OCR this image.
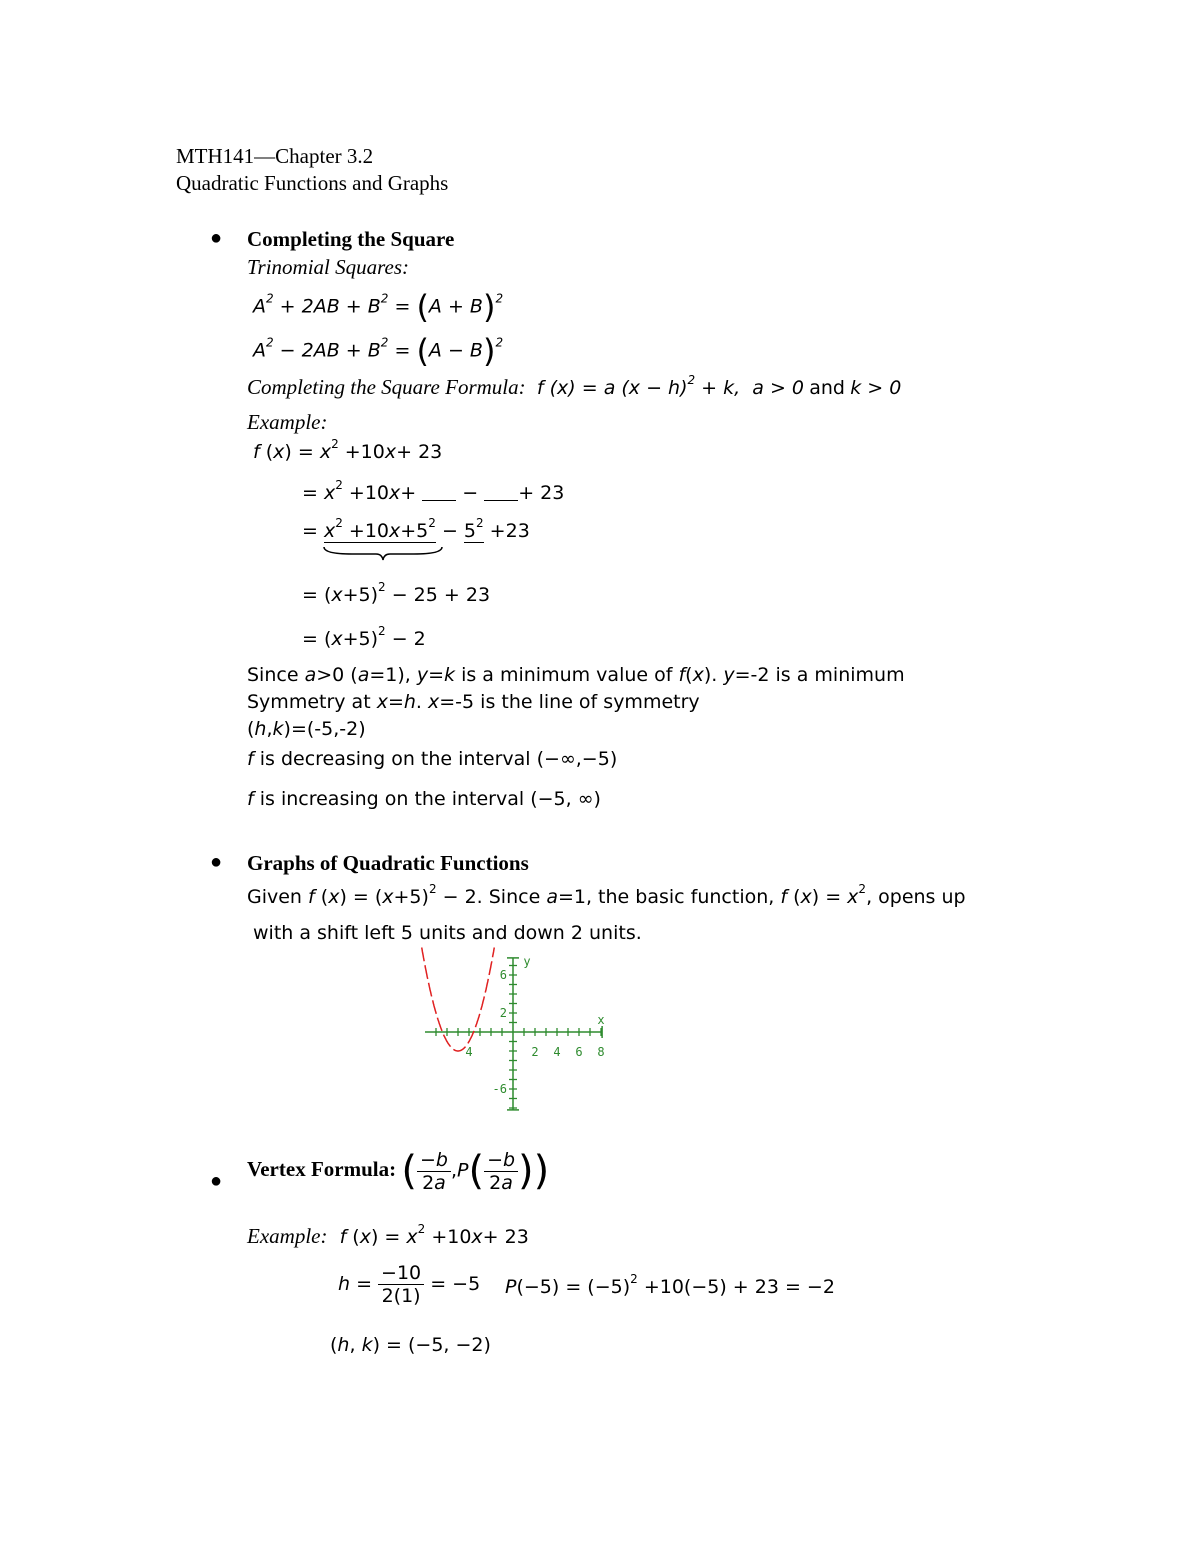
MTH141—Chapter 3.2
Quadratic Functions and Graphs
● Completing the Square
Trinomial Squares:
$A^2 + 2AB + B^2 = (A + B)^2$
$A^2 - 2AB + B^2 = (A - B)^2$
Completing the Square Formula:  f (x) = a $(x - h)^2 + k$,  a > 0 and k > 0
Example:
f $(x) = x^2 +10x+ 23$
= $x^2 +10x+$  − + 23
= $x^2 +10x+5^2 - 5^2 +23$
= $(x+5)^2 - 25 + 23$
= $(x+5)^2 - 2$
Since a>0 (a=1), y=k is a minimum value of f(x). y=-2 is a minimum
Symmetry at x=h. x=-5 is the line of symmetry
(h,k)=(-5,-2)
f is decreasing on the interval (−∞,−5)
f is increasing on the interval (−5, ∞)
● Graphs of Quadratic Functions
Given f $(x) = (x+5)^2 - 2$. Since a=1, the basic function, f $(x) = x^2$, opens up
with a shift left 5 units and down 2 units.
4	2 4 6 8
6
2
-6
y
x
●
Vertex Formula: ( $\frac{-b}{2a} ,P( \frac{-b}{2a}$ ))
Example: f $(x) = x^2 +10x+ 23$
$h = \frac{-10}{2(1)} = -5$ $P(-5) = (-5)^2 +10(-5) + 23 = -2$
(h, k) = (−5, −2)
